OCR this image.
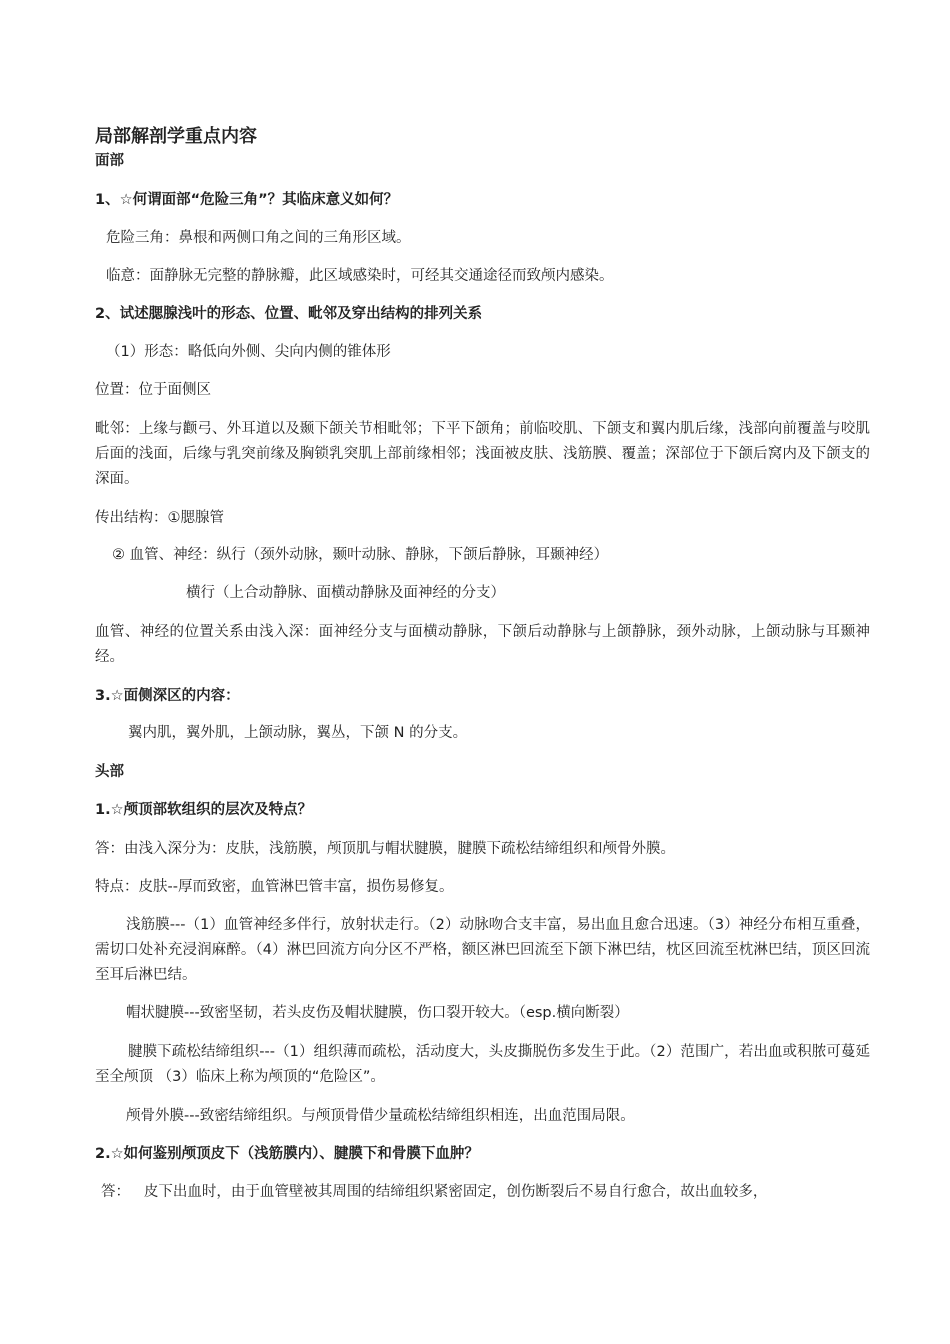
局部解剖学重点内容
面部
1、☆何谓面部“危险三角”？其临床意义如何？
危险三角：鼻根和两侧口角之间的三角形区域。
临意：面静脉无完整的静脉瓣，此区域感染时，可经其交通途径而致颅内感染。
2、试述腮腺浅叶的形态、位置、毗邻及穿出结构的排列关系
（1）形态：略低向外侧、尖向内侧的锥体形
位置：位于面侧区
毗邻：上缘与颧弓、外耳道以及颞下颌关节相毗邻；下平下颌角；前临咬肌、下颌支和翼内肌后缘，浅部向前覆盖与咬肌后面的浅面，后缘与乳突前缘及胸锁乳突肌上部前缘相邻；浅面被皮肤、浅筋膜、覆盖；深部位于下颌后窝内及下颌支的深面。
传出结构：①腮腺管
② 血管、神经：纵行（颈外动脉，颞叶动脉、静脉，下颌后静脉，耳颞神经）
横行（上合动静脉、面横动静脉及面神经的分支）
血管、神经的位置关系由浅入深：面神经分支与面横动静脉，下颌后动静脉与上颌静脉，颈外动脉，上颌动脉与耳颞神经。
3.☆面侧深区的内容：
翼内肌，翼外肌，上颌动脉，翼丛，下颌 N 的分支。
头部
1.☆颅顶部软组织的层次及特点？
答：由浅入深分为：皮肤，浅筋膜，颅顶肌与帽状腱膜，腱膜下疏松结缔组织和颅骨外膜。
特点：皮肤--厚而致密，血管淋巴管丰富，损伤易修复。
浅筋膜---（1）血管神经多伴行，放射状走行。（2）动脉吻合支丰富，易出血且愈合迅速。（3）神经分布相互重叠，需切口处补充浸润麻醉。（4）淋巴回流方向分区不严格，额区淋巴回流至下颌下淋巴结，枕区回流至枕淋巴结，顶区回流至耳后淋巴结。
帽状腱膜---致密坚韧，若头皮伤及帽状腱膜，伤口裂开较大。（esp.横向断裂）
腱膜下疏松结缔组织---（1）组织薄而疏松，活动度大，头皮撕脱伤多发生于此。（2）范围广，若出血或积脓可蔓延至全颅顶 （3）临床上称为颅顶的“危险区”。
颅骨外膜---致密结缔组织。与颅顶骨借少量疏松结缔组织相连，出血范围局限。
2.☆如何鉴别颅顶皮下（浅筋膜内）、腱膜下和骨膜下血肿？
答：   皮下出血时，由于血管壁被其周围的结缔组织紧密固定，创伤断裂后不易自行愈合，故出血较多，
